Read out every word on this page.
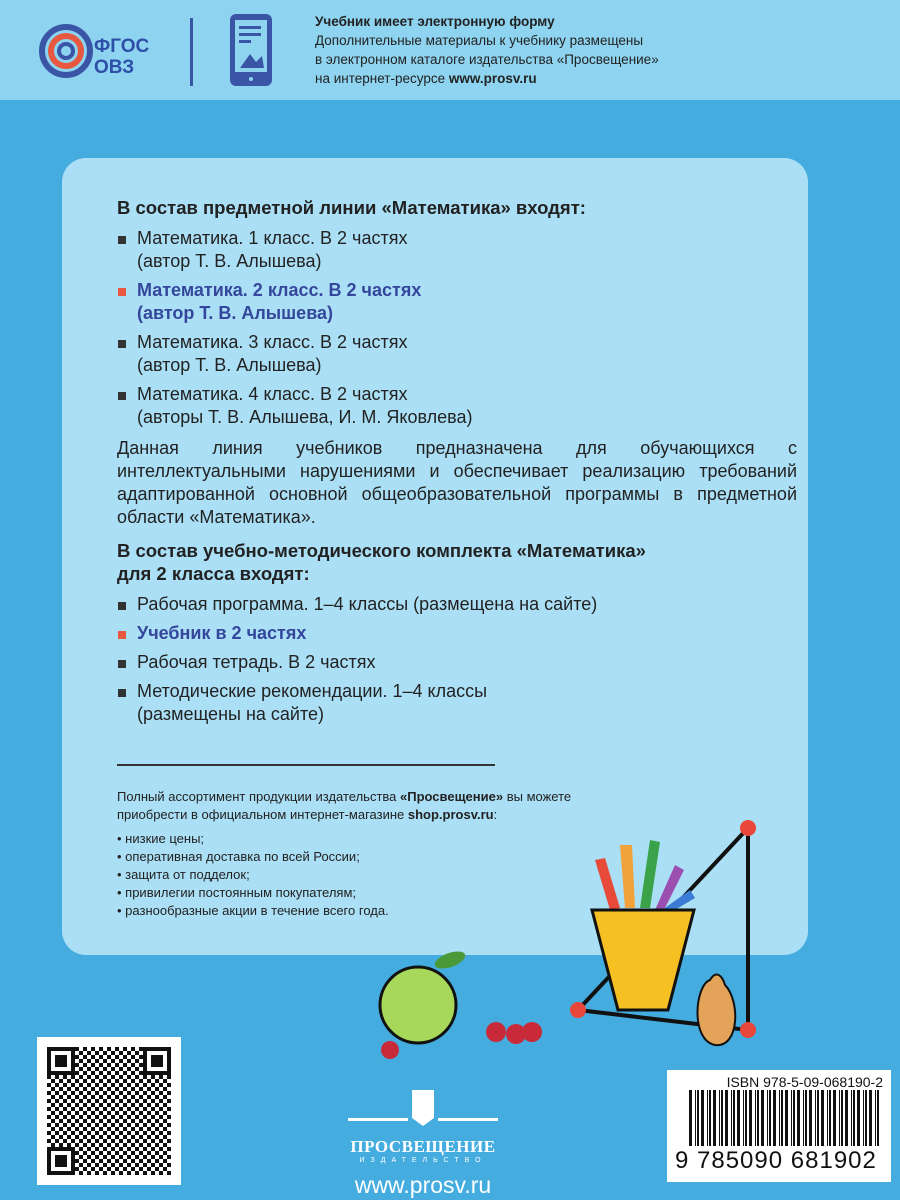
ФГОС
ОВЗ
Учебник имеет электронную форму
Дополнительные материалы к учебнику размещены
в электронном каталоге издательства «Просвещение»
на интернет-ресурсе www.prosv.ru
В состав предметной линии «Математика» входят:
Математика. 1 класс. В 2 частях
(автор Т. В. Алышева)
Математика. 2 класс. В 2 частях
(автор Т. В. Алышева)
Математика. 3 класс. В 2 частях
(автор Т. В. Алышева)
Математика. 4 класс. В 2 частях
(авторы Т. В. Алышева, И. М. Яковлева)

Данная линия учебников предназначена для обучающихся с интеллектуальными нарушениями и обеспечивает реализацию требований адаптированной основной общеобразовательной программы в предметной области «Математика».

В состав учебно-методического комплекта «Математика»
для 2 класса входят:
Рабочая программа. 1–4 классы (размещена на сайте)
Учебник в 2 частях
Рабочая тетрадь. В 2 частях
Методические рекомендации. 1–4 классы
(размещены на сайте)
Полный ассортимент продукции издательства «Просвещение» вы можете
приобрести в официальном интернет-магазине shop.prosv.ru:
• низкие цены;
• оперативная доставка по всей России;
• защита от подделок;
• привилегии постоянным покупателям;
• разнообразные акции в течение всего года.
ПРОСВЕЩЕНИЕ
ИЗДАТЕЛЬСТВО
www.prosv.ru
ISBN 978-5-09-068190-2
9 785090 681902
